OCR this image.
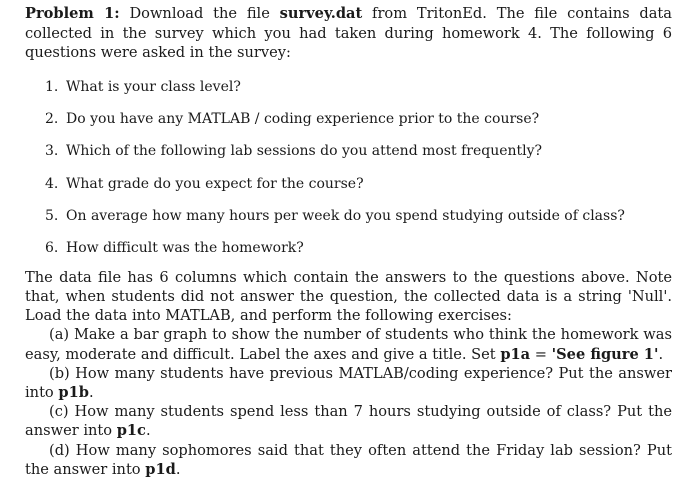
Problem 1: Download the file survey.dat from TritonEd. The file contains data collected in the survey which you had taken during homework 4. The following 6 questions were asked in the survey:

1. What is your class level?
2. Do you have any MATLAB / coding experience prior to the course?
3. Which of the following lab sessions do you attend most frequently?
4. What grade do you expect for the course?
5. On average how many hours per week do you spend studying outside of class?
6. How difficult was the homework?

The data file has 6 columns which contain the answers to the questions above. Note that, when students did not answer the question, the collected data is a string 'Null'. Load the data into MATLAB, and perform the following exercises:

(a) Make a bar graph to show the number of students who think the homework was easy, moderate and difficult. Label the axes and give a title. Set p1a = 'See figure 1'.

(b) How many students have previous MATLAB/coding experience? Put the answer into p1b.

(c) How many students spend less than 7 hours studying outside of class? Put the answer into p1c.

(d) How many sophomores said that they often attend the Friday lab session? Put the answer into p1d.
